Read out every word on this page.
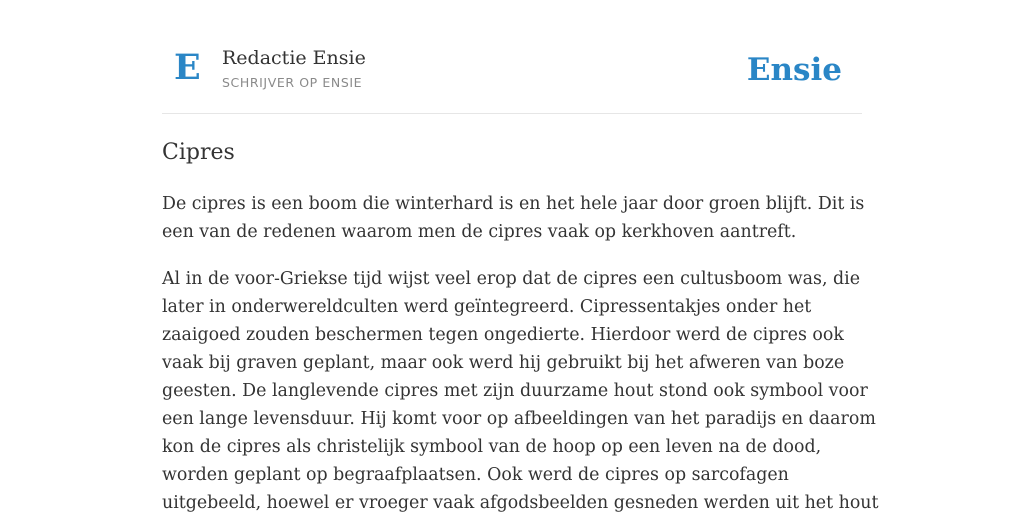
E Redactie Ensie
SCHRIJVER OP ENSIE	Ensie
Cipres

De cipres is een boom die winterhard is en het hele jaar door groen blijft. Dit is
een van de redenen waarom men de cipres vaak op kerkhoven aantreft.

Al in de voor-Griekse tijd wijst veel erop dat de cipres een cultusboom was, die
later in onderwereldculten werd geïntegreerd. Cipressentakjes onder het
zaaigoed zouden beschermen tegen ongedierte. Hierdoor werd de cipres ook
vaak bij graven geplant, maar ook werd hij gebruikt bij het afweren van boze
geesten. De langlevende cipres met zijn duurzame hout stond ook symbool voor
een lange levensduur. Hij komt voor op afbeeldingen van het paradijs en daarom
kon de cipres als christelijk symbool van de hoop op een leven na de dood,
worden geplant op begraafplaatsen. Ook werd de cipres op sarcofagen
uitgebeeld, hoewel er vroeger vaak afgodsbeelden gesneden werden uit het hout
